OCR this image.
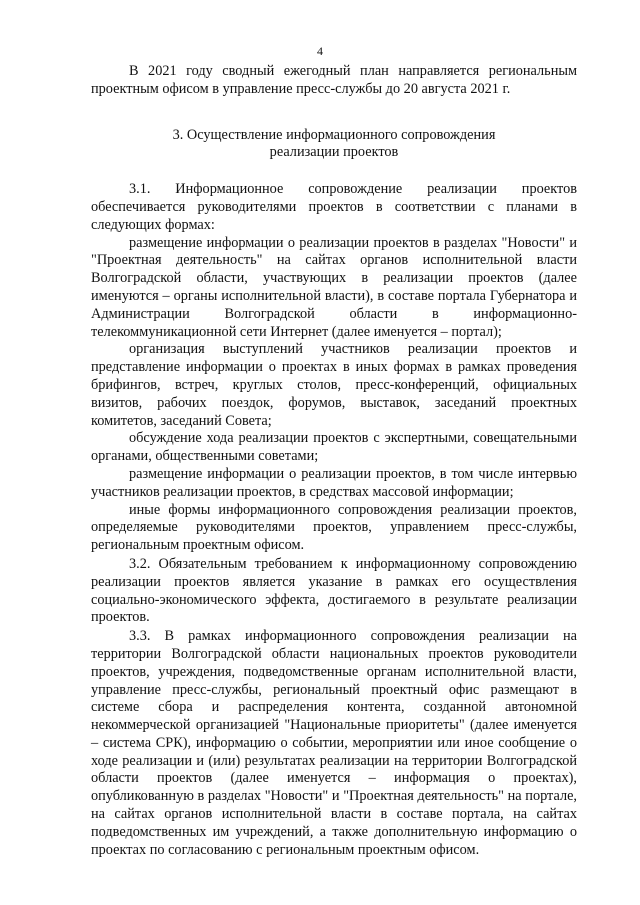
4

В 2021 году сводный ежегодный план направляется региональным проектным офисом в управление пресс-службы до 20 августа 2021 г.

3. Осуществление информационного сопровождения
реализации проектов

3.1. Информационное сопровождение реализации проектов обеспечивается руководителями проектов в соответствии с планами в следующих формах:

размещение информации о реализации проектов в разделах "Новости" и "Проектная деятельность" на сайтах органов исполнительной власти Волгоградской области, участвующих в реализации проектов (далее именуются – органы исполнительной власти), в составе портала Губернатора и Администрации Волгоградской области в информационно-телекоммуникационной сети Интернет (далее именуется – портал);

организация выступлений участников реализации проектов и представление информации о проектах в иных формах в рамках проведения брифингов, встреч, круглых столов, пресс-конференций, официальных визитов, рабочих поездок, форумов, выставок, заседаний проектных комитетов, заседаний Совета;

обсуждение хода реализации проектов с экспертными, совещательными органами, общественными советами;

размещение информации о реализации проектов, в том числе интервью участников реализации проектов, в средствах массовой информации;

иные формы информационного сопровождения реализации проектов, определяемые руководителями проектов, управлением пресс-службы, региональным проектным офисом.

3.2. Обязательным требованием к информационному сопровождению реализации проектов является указание в рамках его осуществления социально-экономического эффекта, достигаемого в результате реализации проектов.

3.3. В рамках информационного сопровождения реализации на территории Волгоградской области национальных проектов руководители проектов, учреждения, подведомственные органам исполнительной власти, управление пресс-службы, региональный проектный офис размещают в системе сбора и распределения контента, созданной автономной некоммерческой организацией "Национальные приоритеты" (далее именуется – система СРК), информацию о событии, мероприятии или иное сообщение о ходе реализации и (или) результатах реализации на территории Волгоградской области проектов (далее именуется – информация о проектах), опубликованную в разделах "Новости" и "Проектная деятельность" на портале, на сайтах органов исполнительной власти в составе портала, на сайтах подведомственных им учреждений, а также дополнительную информацию о проектах по согласованию с региональным проектным офисом.
